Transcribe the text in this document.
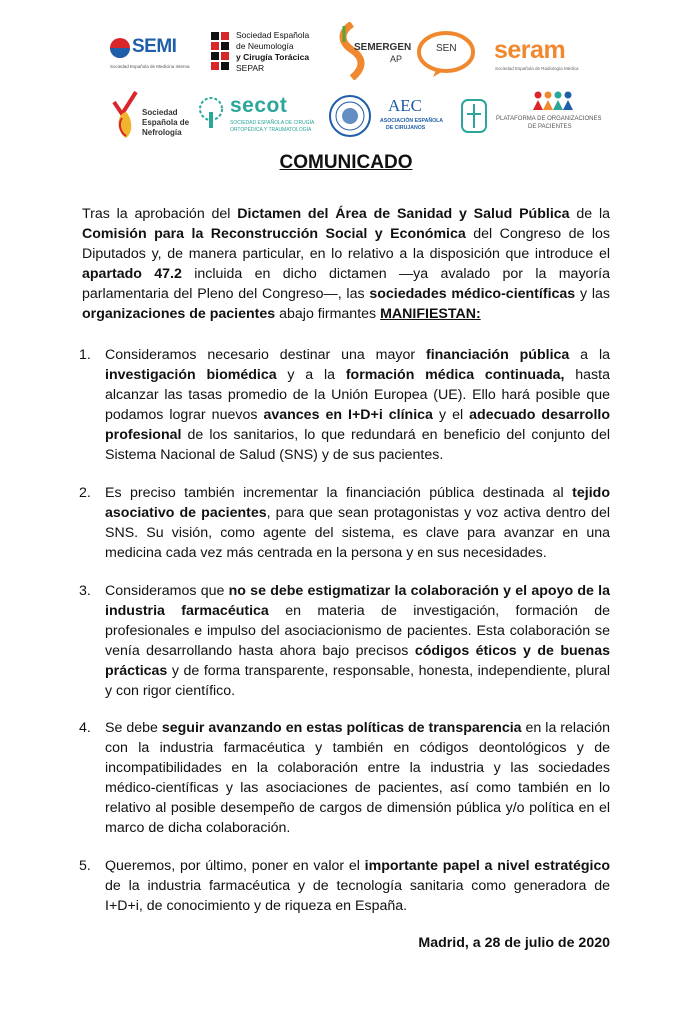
SEMI
Sociedad Española de Medicina Interna
Sociedad Española
de Neumología
y Cirugía Torácica
SEPAR
SEMERGEN
AP
SEN seram
Sociedad Española de Radiología Médica
Sociedad
Española de
Nefrología
secot
SOCIEDAD ESPAÑOLA DE CIRUGÍA
ORTOPÉDICA Y TRAUMATOLOGÍA
AEC
ASOCIACIÓN ESPAÑOLA
DE CIRUJANOS
PLATAFORMA DE ORGANIZACIONES
DE PACIENTES
COMUNICADO
Tras la aprobación del Dictamen del Área de Sanidad y Salud Pública de la Comisión para la Reconstrucción Social y Económica del Congreso de los Diputados y, de manera particular, en lo relativo a la disposición que introduce el apartado 47.2 incluida en dicho dictamen —ya avalado por la mayoría parlamentaria del Pleno del Congreso—, las sociedades médico-científicas y las organizaciones de pacientes abajo firmantes MANIFIESTAN:
1. Consideramos necesario destinar una mayor financiación pública a la investigación biomédica y a la formación médica continuada, hasta alcanzar las tasas promedio de la Unión Europea (UE). Ello hará posible que podamos lograr nuevos avances en I+D+i clínica y el adecuado desarrollo profesional de los sanitarios, lo que redundará en beneficio del conjunto del Sistema Nacional de Salud (SNS) y de sus pacientes.
2. Es preciso también incrementar la financiación pública destinada al tejido asociativo de pacientes, para que sean protagonistas y voz activa dentro del SNS. Su visión, como agente del sistema, es clave para avanzar en una medicina cada vez más centrada en la persona y en sus necesidades.
3. Consideramos que no se debe estigmatizar la colaboración y el apoyo de la industria farmacéutica en materia de investigación, formación de profesionales e impulso del asociacionismo de pacientes. Esta colaboración se venía desarrollando hasta ahora bajo precisos códigos éticos y de buenas prácticas y de forma transparente, responsable, honesta, independiente, plural y con rigor científico.
4. Se debe seguir avanzando en estas políticas de transparencia en la relación con la industria farmacéutica y también en códigos deontológicos y de incompatibilidades en la colaboración entre la industria y las sociedades médico-científicas y las asociaciones de pacientes, así como también en lo relativo al posible desempeño de cargos de dimensión pública y/o política en el marco de dicha colaboración.
5. Queremos, por último, poner en valor el importante papel a nivel estratégico de la industria farmacéutica y de tecnología sanitaria como generadora de I+D+i, de conocimiento y de riqueza en España.
Madrid, a 28 de julio de 2020
